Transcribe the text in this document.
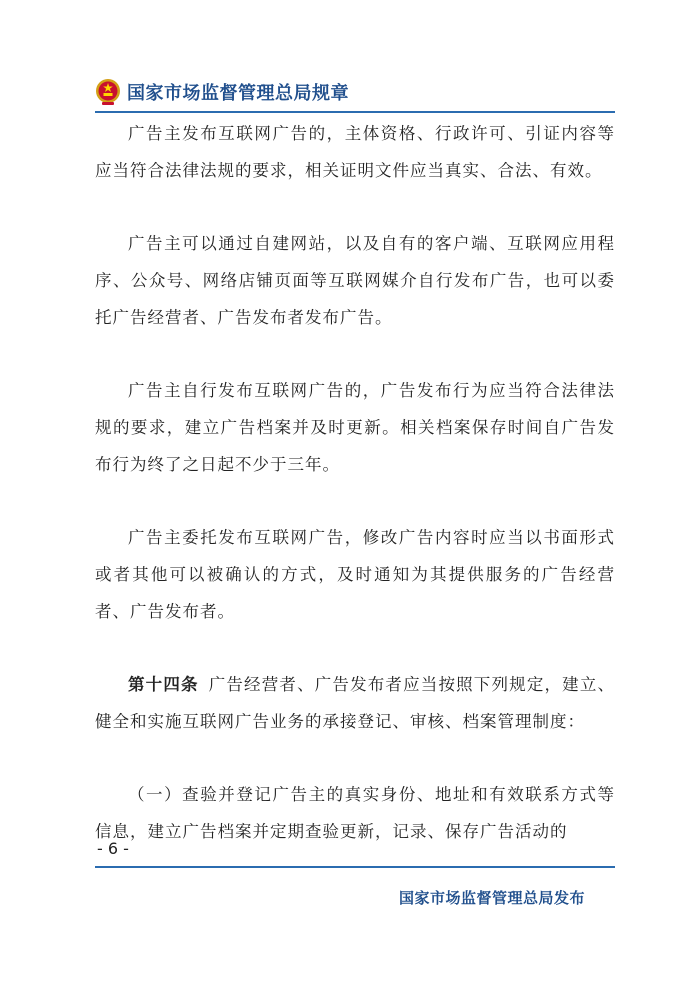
国家市场监督管理总局规章

广告主发布互联网广告的，主体资格、行政许可、引证内容等应当符合法律法规的要求，相关证明文件应当真实、合法、有效。

广告主可以通过自建网站，以及自有的客户端、互联网应用程序、公众号、网络店铺页面等互联网媒介自行发布广告，也可以委托广告经营者、广告发布者发布广告。

广告主自行发布互联网广告的，广告发布行为应当符合法律法规的要求，建立广告档案并及时更新。相关档案保存时间自广告发布行为终了之日起不少于三年。

广告主委托发布互联网广告，修改广告内容时应当以书面形式或者其他可以被确认的方式，及时通知为其提供服务的广告经营者、广告发布者。

第十四条 广告经营者、广告发布者应当按照下列规定，建立、健全和实施互联网广告业务的承接登记、审核、档案管理制度：

（一）查验并登记广告主的真实身份、地址和有效联系方式等信息，建立广告档案并定期查验更新，记录、保存广告活动的

- 6 -
国家市场监督管理总局发布
